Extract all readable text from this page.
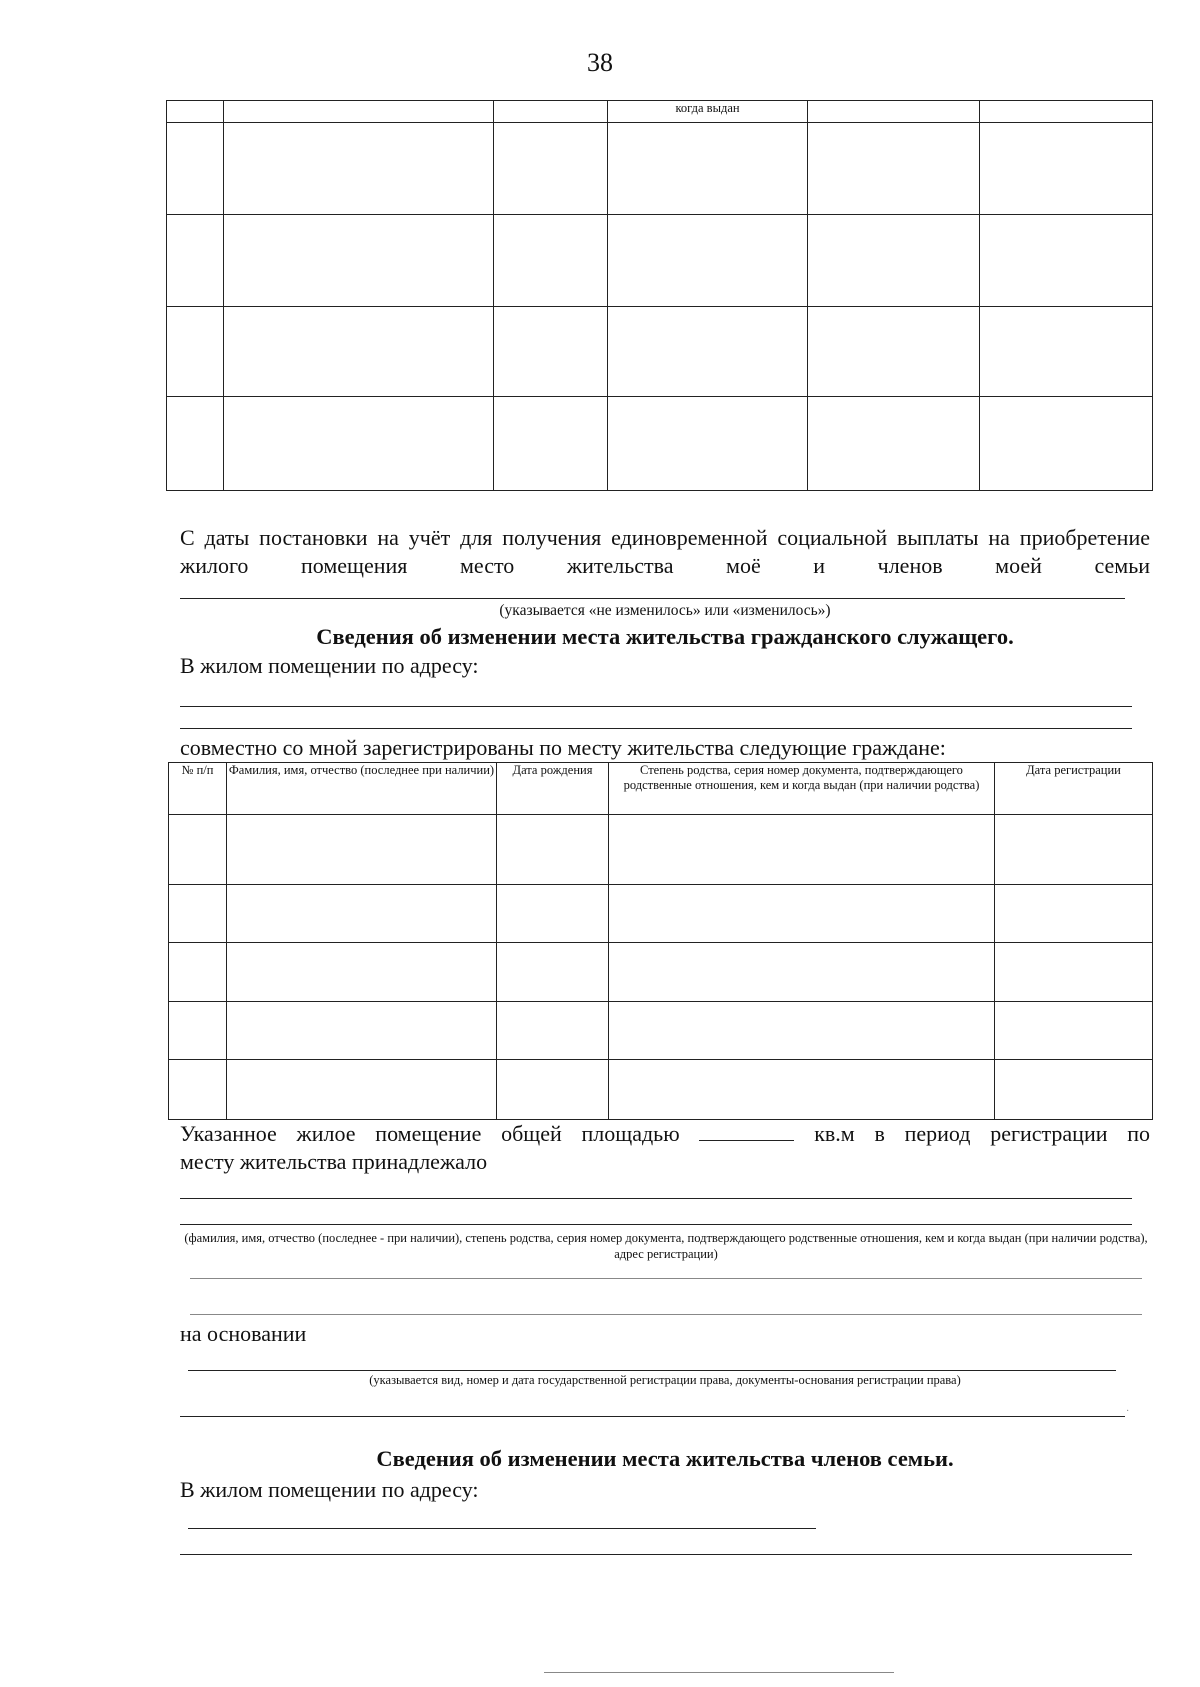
38
			когда выдан		

С даты постановки на учёт для получения единовременной социальной выплаты на приобретение жилого помещения место жительства моё и членов моей семьи
(указывается «не изменилось» или «изменилось»)
Сведения об изменении места жительства гражданского служащего.
В жилом помещении по адресу:
совместно со мной зарегистрированы по месту жительства следующие граждане:
№ п/п	Фамилия, имя, отчество (последнее при наличии)	Дата рождения	Степень родства, серия номер документа, подтверждающего родственные отношения, кем и когда выдан (при наличии родства)	Дата регистрации

Указанное жилое помещение общей площадью	кв.м в период регистрации по
месту жительства принадлежало
(фамилия, имя, отчество (последнее - при наличии), степень родства, серия номер документа, подтверждающего родственные отношения, кем и когда выдан (при наличии родства), адрес регистрации)
на основании
(указывается вид, номер и дата государственной регистрации права, документы-основания регистрации права)
·
Сведения об изменении места жительства членов семьи.
В жилом помещении по адресу:
